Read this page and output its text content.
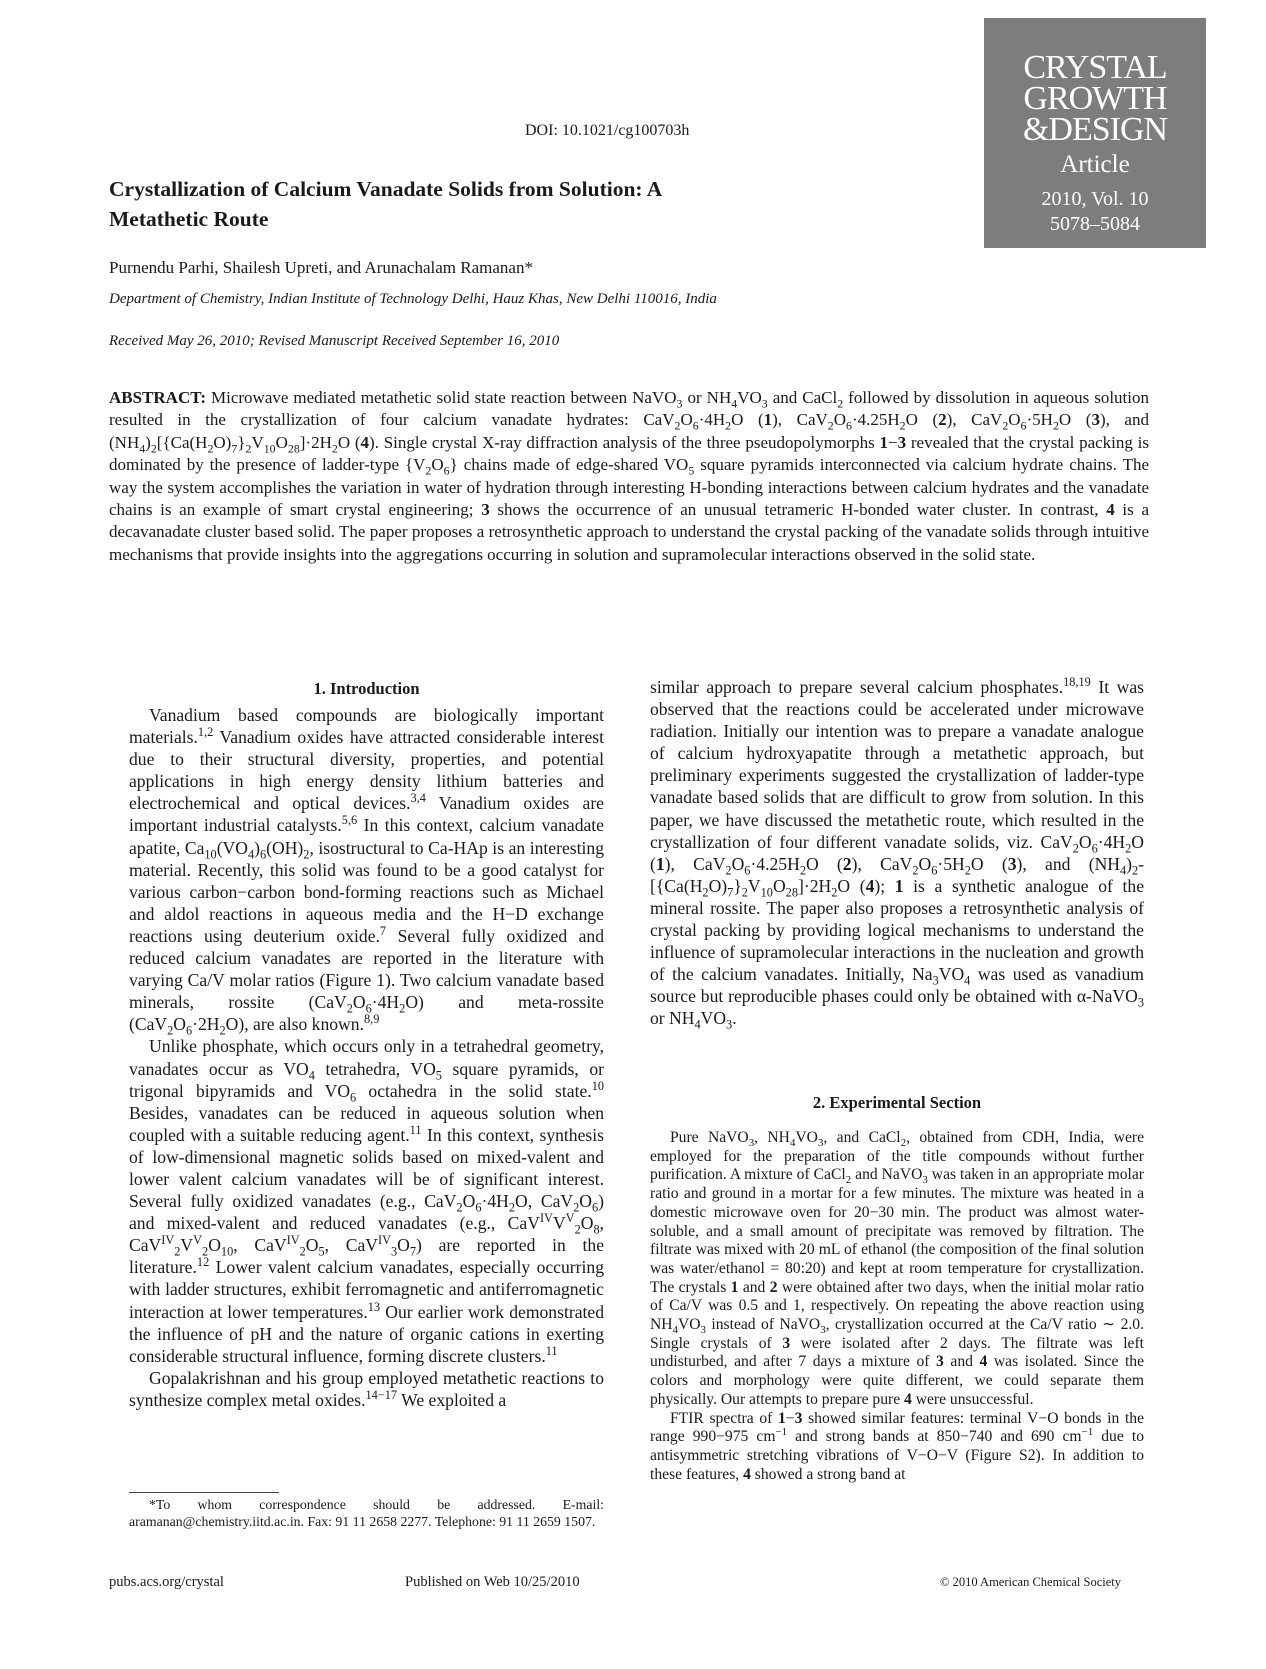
DOI: 10.1021/cg100703h
CRYSTAL
GROWTH
&DESIGN
Article
2010, Vol. 10
5078–5084
Crystallization of Calcium Vanadate Solids from Solution: A Metathetic Route
Purnendu Parhi, Shailesh Upreti, and Arunachalam Ramanan*
Department of Chemistry, Indian Institute of Technology Delhi, Hauz Khas, New Delhi 110016, India
Received May 26, 2010; Revised Manuscript Received September 16, 2010
ABSTRACT: Microwave mediated metathetic solid state reaction between NaVO$_3$ or $NH_4VO_3$ and CaCl$_2$ followed by dissolution in aqueous solution resulted in the crystallization of four calcium vanadate hydrates: $CaV_2O_6\cdot 4H_2O$ (1), $CaV_2O_6\cdot 4.25H_2O$ (2), $CaV_2O_6\cdot 5H_2O$ (3), and $(NH_4)_2[\{Ca(H_2O)_7\}_2V_{10}O_{28}]\cdot 2H_2O$ (4). Single crystal X-ray diffraction analysis of the three pseudopolymorphs 1−3 revealed that the crystal packing is dominated by the presence of ladder-type $\{V_2O_6\}$ chains made of edge-shared $VO_5$ square pyramids interconnected via calcium hydrate chains. The way the system accomplishes the variation in water of hydration through interesting H-bonding interactions between calcium hydrates and the vanadate chains is an example of smart crystal engineering; 3 shows the occurrence of an unusual tetrameric H-bonded water cluster. In contrast, 4 is a decavanadate cluster based solid. The paper proposes a retrosynthetic approach to understand the crystal packing of the vanadate solids through intuitive mechanisms that provide insights into the aggregations occurring in solution and supramolecular interactions observed in the solid state.
1. Introduction

Vanadium based compounds are biologically important materials.$^{1,2}$ Vanadium oxides have attracted considerable interest due to their structural diversity, properties, and potential applications in high energy density lithium batteries and electrochemical and optical devices.$^{3,4}$ Vanadium oxides are important industrial catalysts.$^{5,6}$ In this context, calcium vanadate apatite, $Ca_{10}(VO_4)_6(OH)_2$, isostructural to Ca-HAp is an interesting material. Recently, this solid was found to be a good catalyst for various carbon−carbon bond-forming reactions such as Michael and aldol reactions in aqueous media and the H−D exchange reactions using deuterium oxide.$^7$ Several fully oxidized and reduced calcium vanadates are reported in the literature with varying Ca/V molar ratios (Figure 1). Two calcium vanadate based minerals, rossite $(CaV_2O_6\cdot 4H_2O)$ and meta-rossite $(CaV_2O_6\cdot 2H_2O)$, are also known.$^{8,9}$

Unlike phosphate, which occurs only in a tetrahedral geometry, vanadates occur as $VO_4$ tetrahedra, $VO_5$ square pyramids, or trigonal bipyramids and $VO_6$ octahedra in the solid state.$^{10}$ Besides, vanadates can be reduced in aqueous solution when coupled with a suitable reducing agent.$^{11}$ In this context, synthesis of low-dimensional magnetic solids based on mixed-valent and lower valent calcium vanadates will be of significant interest. Several fully oxidized vanadates (e.g., $CaV_2O_6\cdot 4H_2O$, $CaV_2O_6$) and mixed-valent and reduced vanadates (e.g., $CaV^{IV}V^V_2O_8$, $CaV^{IV}_2V^V_2O_{10}$, $CaV^{IV}_2O_5$, $CaV^{IV}_3O_7$) are reported in the literature.$^{12}$ Lower valent calcium vanadates, especially occurring with ladder structures, exhibit ferromagnetic and antiferromagnetic interaction at lower temperatures.$^{13}$ Our earlier work demonstrated the influence of pH and the nature of organic cations in exerting considerable structural influence, forming discrete clusters.$^{11}$

Gopalakrishnan and his group employed metathetic reactions to synthesize complex metal oxides.$^{14-17}$ We exploited a

similar approach to prepare several calcium phosphates.$^{18,19}$ It was observed that the reactions could be accelerated under microwave radiation. Initially our intention was to prepare a vanadate analogue of calcium hydroxyapatite through a metathetic approach, but preliminary experiments suggested the crystallization of ladder-type vanadate based solids that are difficult to grow from solution. In this paper, we have discussed the metathetic route, which resulted in the crystallization of four different vanadate solids, viz. $CaV_2O_6\cdot 4H_2O$ (1), $CaV_2O_6\cdot 4.25H_2O$ (2), $CaV_2O_6\cdot 5H_2O$ (3), and $(NH_4)_2-[\{Ca(H_2O)_7\}_2V_{10}O_{28}]\cdot 2H_2O$ (4); 1 is a synthetic analogue of the mineral rossite. The paper also proposes a retrosynthetic analysis of crystal packing by providing logical mechanisms to understand the influence of supramolecular interactions in the nucleation and growth of the calcium vanadates. Initially, $Na_3VO_4$ was used as vanadium source but reproducible phases could only be obtained with α-NaVO$_3$ or $NH_4VO_3$.

2. Experimental Section

Pure NaVO$_3$, $NH_4VO_3$, and CaCl$_2$, obtained from CDH, India, were employed for the preparation of the title compounds without further purification. A mixture of CaCl$_2$ and NaVO$_3$ was taken in an appropriate molar ratio and ground in a mortar for a few minutes. The mixture was heated in a domestic microwave oven for 20−30 min. The product was almost water-soluble, and a small amount of precipitate was removed by filtration. The filtrate was mixed with 20 mL of ethanol (the composition of the final solution was water/ethanol = 80:20) and kept at room temperature for crystallization. The crystals 1 and 2 were obtained after two days, when the initial molar ratio of Ca/V was 0.5 and 1, respectively. On repeating the above reaction using $NH_4VO_3$ instead of NaVO$_3$, crystallization occurred at the Ca/V ratio ∼ 2.0. Single crystals of 3 were isolated after 2 days. The filtrate was left undisturbed, and after 7 days a mixture of 3 and 4 was isolated. Since the colors and morphology were quite different, we could separate them physically. Our attempts to prepare pure 4 were unsuccessful.

FTIR spectra of 1−3 showed similar features: terminal V−O bonds in the range 990−975 $cm^{-1}$ and strong bands at 850−740 and 690 $cm^{-1}$ due to antisymmetric stretching vibrations of V−O−V (Figure S2). In addition to these features, 4 showed a strong band at

*To whom correspondence should be addressed. E-mail: aramanan@chemistry.iitd.ac.in. Fax: 91 11 2658 2277. Telephone: 91 11 2659 1507.
pubs.acs.org/crystal	Published on Web 10/25/2010	© 2010 American Chemical Society
